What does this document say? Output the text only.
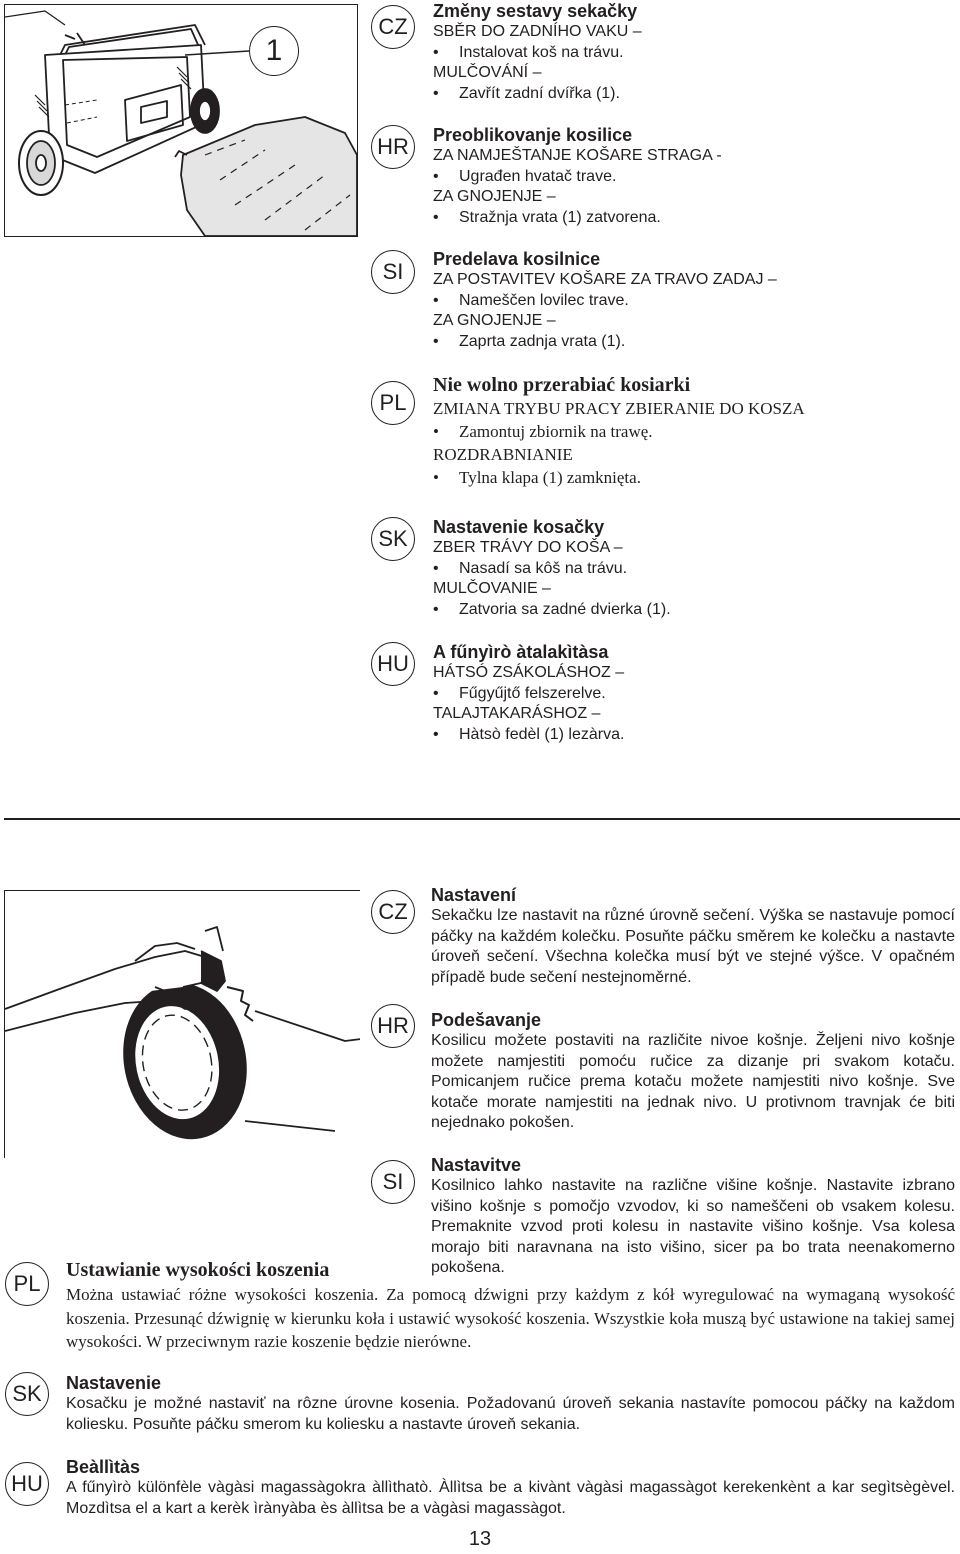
1
CZ
Změny sestavy sekačky
SBĚR DO ZADNÍHO VAKU –
• Instalovat koš na trávu.
MULČOVÁNÍ –
• Zavřít zadní dvířka (1).
HR Preoblikovanje kosilice
ZA NAMJEŠTANJE KOŠARE STRAGA -
• Ugrađen hvatač trave.
ZA GNOJENJE –
• Stražnja vrata (1) zatvorena.
SI Predelava kosilnice
ZA POSTAVITEV KOŠARE ZA TRAVO ZADAJ –
• Nameščen lovilec trave.
ZA GNOJENJE –
• Zaprta zadnja vrata (1).
PL
Nie wolno przerabiać kosiarki
ZMIANA TRYBU PRACY ZBIERANIE DO KOSZA
• Zamontuj zbiornik na trawę.
ROZDRABNIANIE
• Tylna klapa (1) zamknięta.
SK Nastavenie kosačky
ZBER TRÁVY DO KOŠA –
• Nasadí sa kôš na trávu.
MULČOVANIE –
• Zatvoria sa zadné dvierka (1).
HU A fűnyìrò àtalakìtàsa
HÁTSÓ ZSÁKOLÁSHOZ –
• Fűgyűjtő felszerelve.
TALAJTAKARÁSHOZ –
• Hàtsò fedèl (1) lezàrva.
CZ
Nastavení
Sekačku lze nastavit na různé úrovně sečení. Výška se nastavuje pomocí páčky na každém kolečku. Posuňte páčku směrem ke kolečku a nastavte úroveň sečení. Všechna kolečka musí být ve stejné výšce. V opačném případě bude sečení nestejnoměrné.
HR Podešavanje
Kosilicu možete postaviti na različite nivoe košnje. Željeni nivo košnje možete namjestiti pomoću ručice za dizanje pri svakom kotaču. Pomicanjem ručice prema kotaču možete namjestiti nivo košnje. Sve kotače morate namjestiti na jednak nivo. U protivnom travnjak će biti nejednako pokošen.
SI
Nastavitve
Kosilnico lahko nastavite na različne višine košnje. Nastavite izbrano višino košnje s pomočjo vzvodov, ki so nameščeni ob vsakem kolesu. Premaknite vzvod proti kolesu in nastavite višino košnje. Vsa kolesa morajo biti naravnana na isto višino, sicer pa bo trata neenakomerno pokošena.
PL
Ustawianie wysokości koszenia
Można ustawiać różne wysokości koszenia. Za pomocą dźwigni przy każdym z kół wyregulować na wymaganą wysokość koszenia. Przesunąć dźwignię w kierunku koła i ustawić wysokość koszenia. Wszystkie koła muszą być ustawione na takiej samej wysokości. W przeciwnym razie koszenie będzie nierówne.
SK Nastavenie
Kosačku je možné nastaviť na rôzne úrovne kosenia. Požadovanú úroveň sekania nastavíte pomocou páčky na každom koliesku. Posuňte páčku smerom ku koliesku a nastavte úroveň sekania.
HU
Beàllìtàs
A fűnyìrò különfèle vàgàsi magassàgokra àllìthatò. Àllìtsa be a kivànt vàgàsi magassàgot kerekenkènt a kar segìtsègèvel. Mozdìtsa el a kart a kerèk ìrànyàba ès àllìtsa be a vàgàsi magassàgot.
13
